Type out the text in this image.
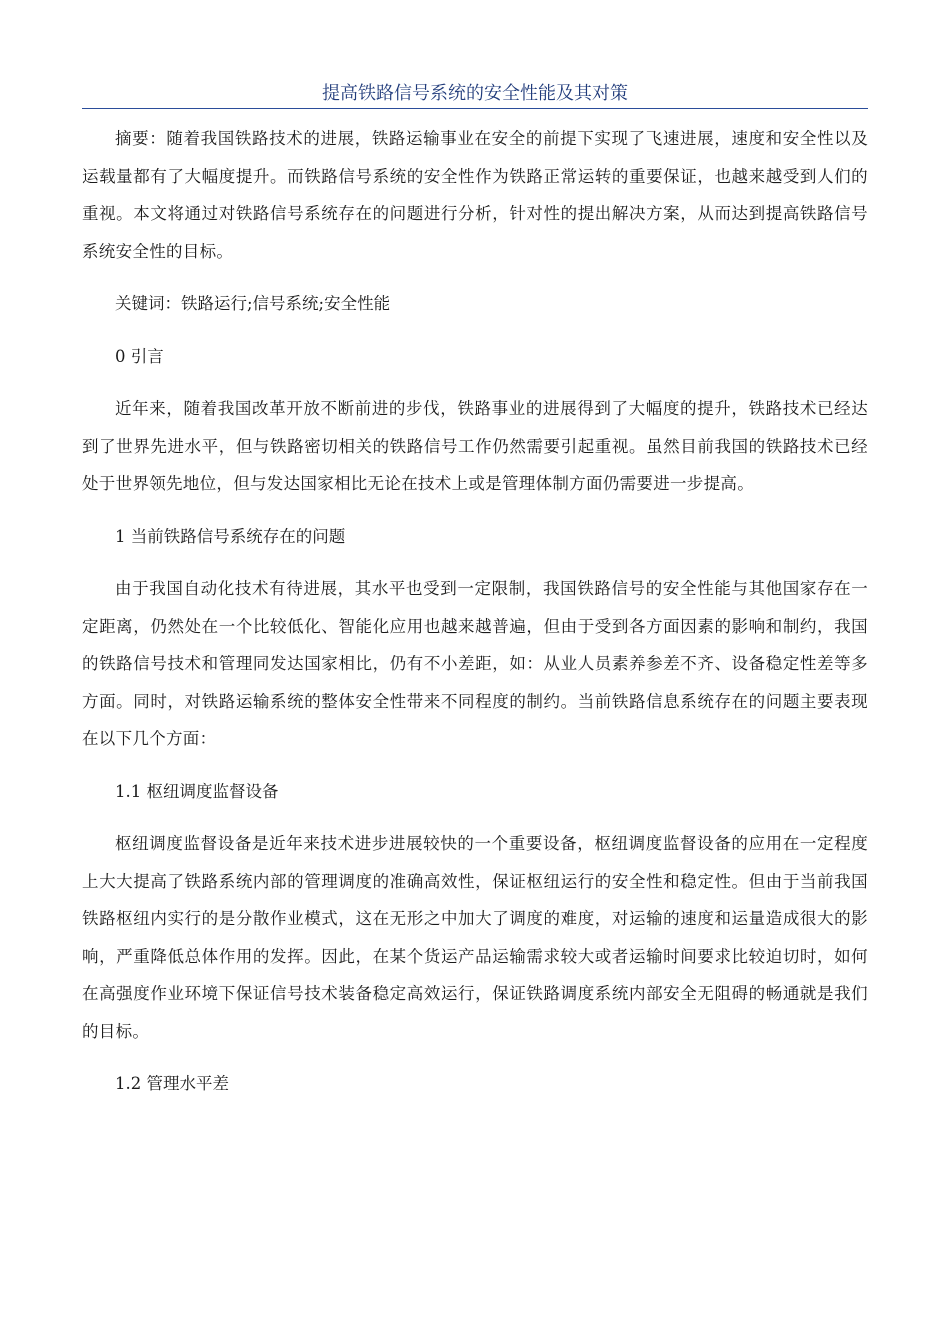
提高铁路信号系统的安全性能及其对策

摘要：随着我国铁路技术的进展，铁路运输事业在安全的前提下实现了飞速进展，速度和安全性以及运载量都有了大幅度提升。而铁路信号系统的安全性作为铁路正常运转的重要保证，也越来越受到人们的重视。本文将通过对铁路信号系统存在的问题进行分析，针对性的提出解决方案，从而达到提高铁路信号系统安全性的目标。

关键词：铁路运行;信号系统;安全性能

0 引言

近年来，随着我国改革开放不断前进的步伐，铁路事业的进展得到了大幅度的提升，铁路技术已经达到了世界先进水平，但与铁路密切相关的铁路信号工作仍然需要引起重视。虽然目前我国的铁路技术已经处于世界领先地位，但与发达国家相比无论在技术上或是管理体制方面仍需要进一步提高。

1 当前铁路信号系统存在的问题

由于我国自动化技术有待进展，其水平也受到一定限制，我国铁路信号的安全性能与其他国家存在一定距离，仍然处在一个比较低化、智能化应用也越来越普遍，但由于受到各方面因素的影响和制约，我国的铁路信号技术和管理同发达国家相比，仍有不小差距，如：从业人员素养参差不齐、设备稳定性差等多方面。同时，对铁路运输系统的整体安全性带来不同程度的制约。当前铁路信息系统存在的问题主要表现在以下几个方面：

1.1 枢纽调度监督设备

枢纽调度监督设备是近年来技术进步进展较快的一个重要设备，枢纽调度监督设备的应用在一定程度上大大提高了铁路系统内部的管理调度的准确高效性，保证枢纽运行的安全性和稳定性。但由于当前我国铁路枢纽内实行的是分散作业模式，这在无形之中加大了调度的难度，对运输的速度和运量造成很大的影响，严重降低总体作用的发挥。因此，在某个货运产品运输需求较大或者运输时间要求比较迫切时，如何在高强度作业环境下保证信号技术装备稳定高效运行，保证铁路调度系统内部安全无阻碍的畅通就是我们的目标。

1.2 管理水平差
